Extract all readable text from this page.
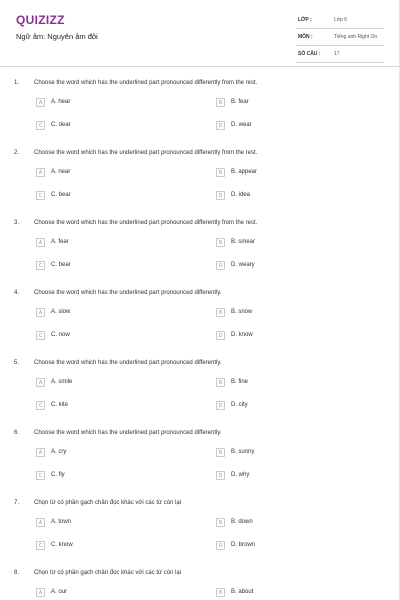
QUIZIZZ
Ngữ âm: Nguyên âm đôi
LỚP :	Lớp 6
MÔN :	Tiếng anh Right On
SỐ CÂU :	17
1. Choose the word which has the underlined part pronounced differently from the rest.
A	A. hear	B	B. fear
C	C. dear	D	D. wear
2. Choose the word which has the underlined part pronounced differently from the rest.
A	A. near	B	B. appear
C	C. bear	D	D. idea
3. Choose the word which has the underlined part pronounced differently from the rest.
A	A. fear	B	B. smear
C	C. bear	D	D. weary
4. Choose the word which has the underlined part pronounced differently.
A	A. slow	B	B. snow
C	C. now	D	D. know
5. Choose the word which has the underlined part pronounced differently.
A	A. smile	B	B. fine
C	C. kite	D	D. city
6. Choose the word which has the underlined part pronounced differently.
A	A. cry	B	B. sunny
C	C. fly	D	D. why
7. Chọn từ có phần gạch chân đọc khác với các từ còn lại
A	A. town	B	B. down
C	C. know	D	D. brown
8. Chọn từ có phần gạch chân đọc khác với các từ còn lại
A	A. our	B	B. about
